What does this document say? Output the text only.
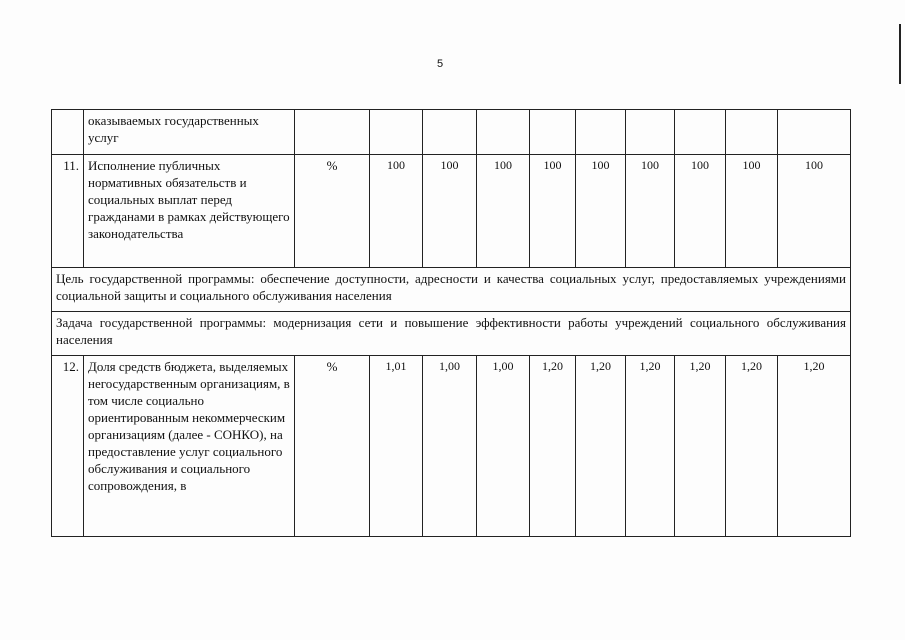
5
	оказываемых государственных услуг										
11.	Исполнение публичных нормативных обязательств и социальных выплат перед гражданами в рамках действующего законодательства	%	100	100	100	100	100	100	100	100	100
Цель государственной программы: обеспечение доступности, адресности и качества социальных услуг, предоставляемых учреждениями социальной защиты и социального обслуживания населения											
Задача государственной программы: модернизация сети и повышение эффективности работы учреждений социального обслуживания населения											
12.	Доля средств бюджета, выделяемых негосударственным организациям, в том числе социально ориентированным некоммерческим организациям (далее - СОНКО), на предоставление услуг социального обслуживания и социального сопровождения, в	%	1,01	1,00	1,00	1,20	1,20	1,20	1,20	1,20	1,20
